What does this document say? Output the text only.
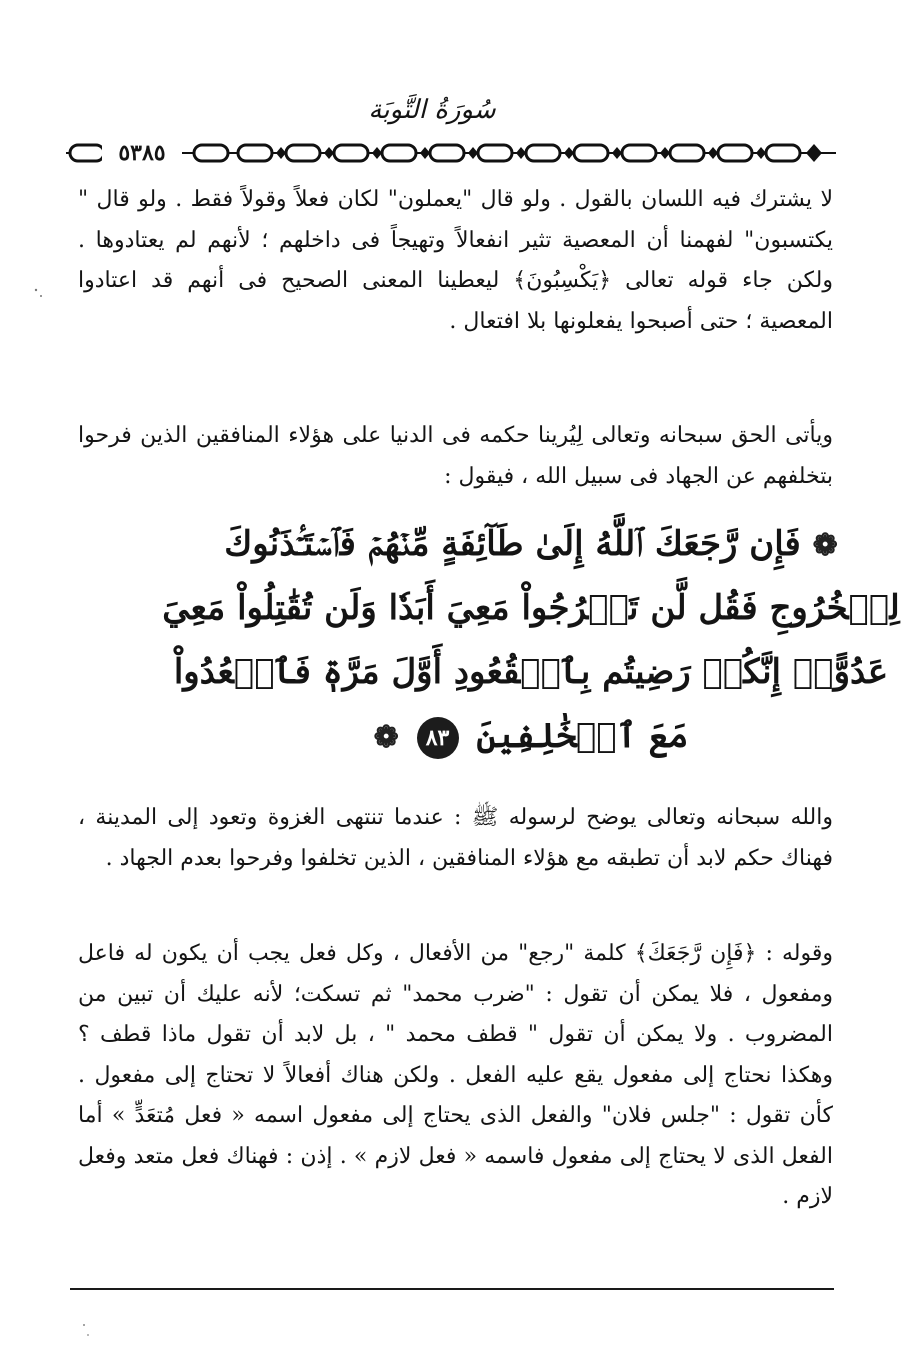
سُورَةُ التَّوبَة
٥٣٨٥

لا يشترك فيه اللسان بالقول . ولو قال "يعملون" لكان فعلاً وقولاً فقط . ولو قال " يكتسبون" لفهمنا أن المعصية تثير انفعالاً وتهيجاً فى داخلهم ؛ لأنهم لم يعتادوها . ولكن جاء قوله تعالى ﴿يَكْسِبُونَ﴾ ليعطينا المعنى الصحيح فى أنهم قد اعتادوا المعصية ؛ حتى أصبحوا يفعلونها بلا افتعال .

ويأتى الحق سبحانه وتعالى لِيُرينا حكمه فى الدنيا على هؤلاء المنافقين الذين فرحوا بتخلفهم عن الجهاد فى سبيل الله ، فيقول :

❁ فَإِن رَّجَعَكَ ٱللَّهُ إِلَىٰ طَآئِفَةٍ مِّنۡهُمۡ فَٱسۡتَـٔۡذَنُوكَ
لِلۡخُرُوجِ فَقُل لَّن تَخۡرُجُواْ مَعِيَ أَبَدٗا وَلَن تُقَٰتِلُواْ مَعِيَ
عَدُوًّاۖ إِنَّكُمۡ رَضِيتُم بِٱلۡقُعُودِ أَوَّلَ مَرَّةٖ فَٱقۡعُدُواْ
مَعَ ٱلۡخَٰلِفِينَ ٨٣ ❁

والله سبحانه وتعالى يوضح لرسوله ﷺ : عندما تنتهى الغزوة وتعود إلى المدينة ، فهناك حكم لابد أن تطبقه مع هؤلاء المنافقين ، الذين تخلفوا وفرحوا بعدم الجهاد .

وقوله : ﴿فَإِن رَّجَعَكَ﴾ كلمة "رجع" من الأفعال ، وكل فعل يجب أن يكون له فاعل ومفعول ، فلا يمكن أن تقول : "ضرب محمد" ثم تسكت؛ لأنه عليك أن تبين من المضروب . ولا يمكن أن تقول " قطف محمد " ، بل لابد أن تقول ماذا قطف ؟ وهكذا نحتاج إلى مفعول يقع عليه الفعل . ولكن هناك أفعالاً لا تحتاج إلى مفعول . كأن تقول : "جلس فلان" والفعل الذى يحتاج إلى مفعول اسمه « فعل مُتعَدٍّ » أما الفعل الذى لا يحتاج إلى مفعول فاسمه « فعل لازم » . إذن : فهناك فعل متعد وفعل لازم .
